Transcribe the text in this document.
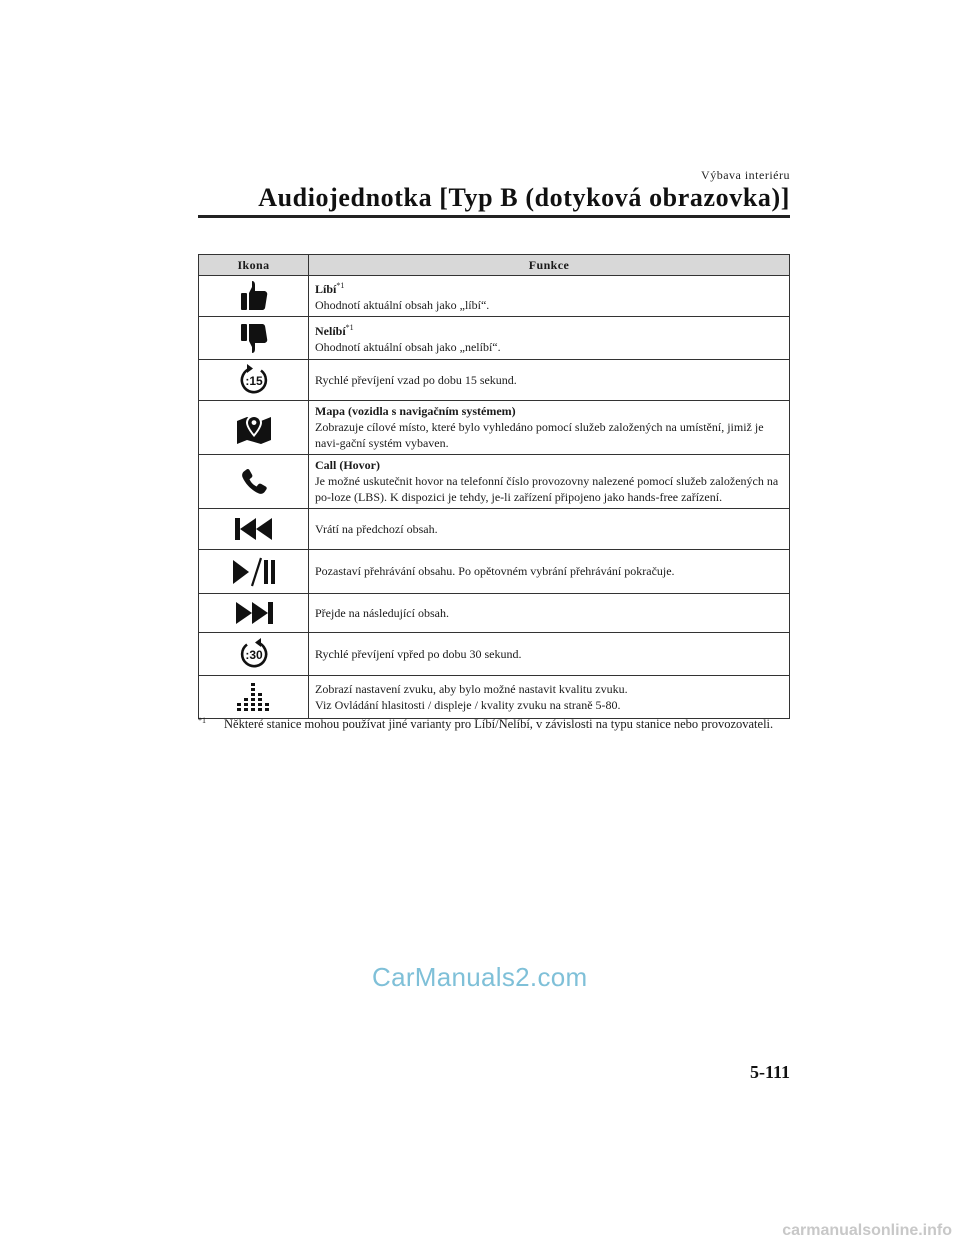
Výbava interiéru
Audiojednotka [Typ B (dotyková obrazovka)]
Ikona	Funkce

Líbí$^{*1}$
Ohodnotí aktuální obsah jako „líbí“.

Nelíbí$^{*1}$
Ohodnotí aktuální obsah jako „nelíbí“.

:15	Rychlé převíjení vzad po dobu 15 sekund.

Mapa (vozidla s navigačním systémem)
Zobrazuje cílové místo, které bylo vyhledáno pomocí služeb založených na umístění, jimiž je navi-gační systém vybaven.

Call (Hovor)
Je možné uskutečnit hovor na telefonní číslo provozovny nalezené pomocí služeb založených na po-loze (LBS). K dispozici je tehdy, je-li zařízení připojeno jako hands-free zařízení.

Vrátí na předchozí obsah.

Pozastaví přehrávání obsahu. Po opětovném vybrání přehrávání pokračuje.

Přejde na následující obsah.

:30	Rychlé převíjení vpřed po dobu 30 sekund.

Zobrazí nastavení zvuku, aby bylo možné nastavit kvalitu zvuku.
Viz Ovládání hlasitosti / displeje / kvality zvuku na straně 5-80.
$^{*1}$ Některé stanice mohou používat jiné varianty pro Líbí/Nelíbí, v závislosti na typu stanice nebo provozovateli.
CarManuals2.com
5-111
carmanualsonline.info
